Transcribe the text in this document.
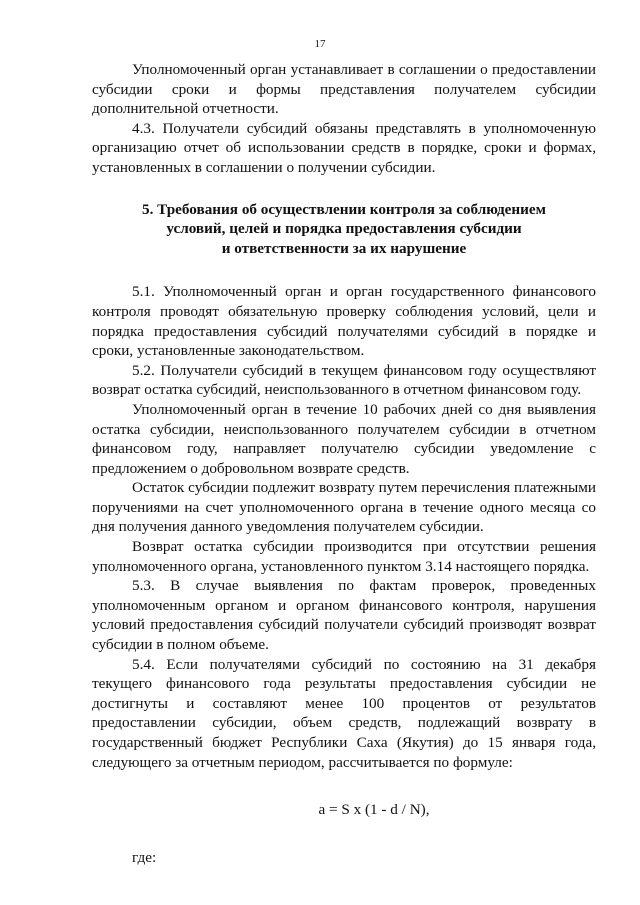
17

Уполномоченный орган устанавливает в соглашении о предоставлении субсидии сроки и формы представления получателем субсидии дополнительной отчетности.

4.3. Получатели субсидий обязаны представлять в уполномоченную организацию отчет об использовании средств в порядке, сроки и формах, установленных в соглашении о получении субсидии.

5. Требования об осуществлении контроля за соблюдением
условий, целей и порядка предоставления субсидии
и ответственности за их нарушение

5.1. Уполномоченный орган и орган государственного финансового контроля проводят обязательную проверку соблюдения условий, цели и порядка предоставления субсидий получателями субсидий в порядке и сроки, установленные законодательством.

5.2. Получатели субсидий в текущем финансовом году осуществляют возврат остатка субсидий, неиспользованного в отчетном финансовом году.

Уполномоченный орган в течение 10 рабочих дней со дня выявления остатка субсидии, неиспользованного получателем субсидии в отчетном финансовом году, направляет получателю субсидии уведомление с предложением о добровольном возврате средств.

Остаток субсидии подлежит возврату путем перечисления платежными поручениями на счет уполномоченного органа в течение одного месяца со дня получения данного уведомления получателем субсидии.

Возврат остатка субсидии производится при отсутствии решения уполномоченного органа, установленного пунктом 3.14 настоящего порядка.

5.3. В случае выявления по фактам проверок, проведенных уполномоченным органом и органом финансового контроля, нарушения условий предоставления субсидий получатели субсидий производят возврат субсидии в полном объеме.

5.4. Если получателями субсидий по состоянию на 31 декабря текущего финансового года результаты предоставления субсидии не достигнуты и составляют менее 100 процентов от результатов предоставлении субсидии, объем средств, подлежащий возврату в государственный бюджет Республики Саха (Якутия) до 15 января года, следующего за отчетным периодом, рассчитывается по формуле:

a = S x (1 - d / N),
где:
